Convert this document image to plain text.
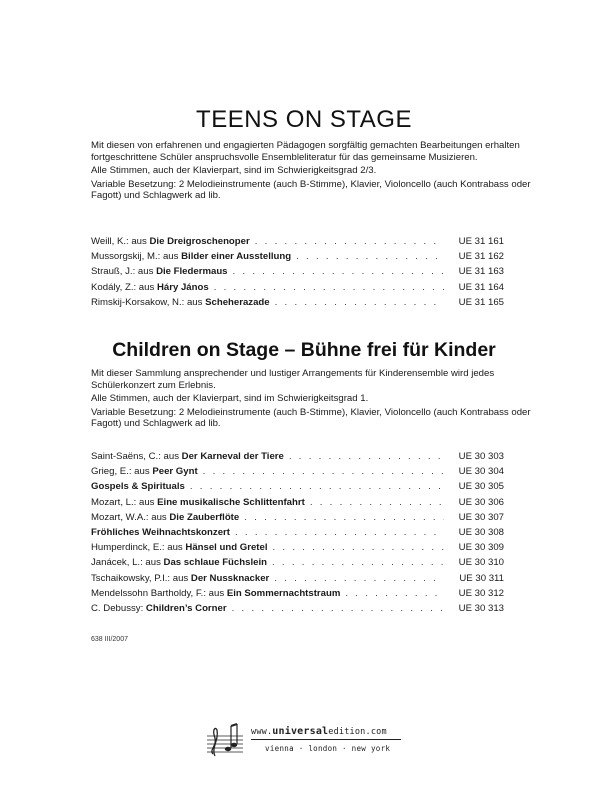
TEENS ON STAGE

Mit diesen von erfahrenen und engagierten Pädagogen sorgfältig gemachten Bearbeitungen erhalten fortgeschrittene Schüler anspruchsvolle Ensembleliteratur für das gemeinsame Musizieren.

Alle Stimmen, auch der Klavierpart, sind im Schwierigkeitsgrad 2/3.

Variable Besetzung: 2 Melodieinstrumente (auch B-Stimme), Klavier, Violoncello (auch Kontrabass oder Fagott) und Schlagwerk ad lib.

Weill, K.: aus Die Dreigroschenoper . . .	UE 31 161
Mussorgskij, M.: aus Bilder einer Ausstellung . . .	UE 31 162
Strauß, J.: aus Die Fledermaus . . .	UE 31 163
Kodály, Z.: aus Háry János . . .	UE 31 164
Rimskij-Korsakow, N.: aus Scheherazade . . .	UE 31 165
Children on Stage – Bühne frei für Kinder

Mit dieser Sammlung ansprechender und lustiger Arrangements für Kinderensemble wird jedes Schülerkonzert zum Erlebnis.

Alle Stimmen, auch der Klavierpart, sind im Schwierigkeitsgrad 1.

Variable Besetzung: 2 Melodieinstrumente (auch B-Stimme), Klavier, Violoncello (auch Kontrabass oder Fagott) und Schlagwerk ad lib.

Saint-Saëns, C.: aus Der Karneval der Tiere . . .	UE 30 303
Grieg, E.: aus Peer Gynt . . .	UE 30 304
Gospels & Spirituals . . .	UE 30 305
Mozart, L.: aus Eine musikalische Schlittenfahrt . . .	UE 30 306
Mozart, W.A.: aus Die Zauberflöte . . .	UE 30 307
Fröhliches Weihnachtskonzert . . .	UE 30 308
Humperdinck, E.: aus Hänsel und Gretel . . .	UE 30 309
Janácek, L.: aus Das schlaue Füchslein . . .	UE 30 310
Tschaikowsky, P.I.: aus Der Nussknacker . . .	UE 30 311
Mendelssohn Bartholdy, F.: aus Ein Sommernachtstraum . . .	UE 30 312
C. Debussy: Children’s Corner . . .	UE 30 313
638 III/2007
www.universaledition.com
vienna · london · new york
